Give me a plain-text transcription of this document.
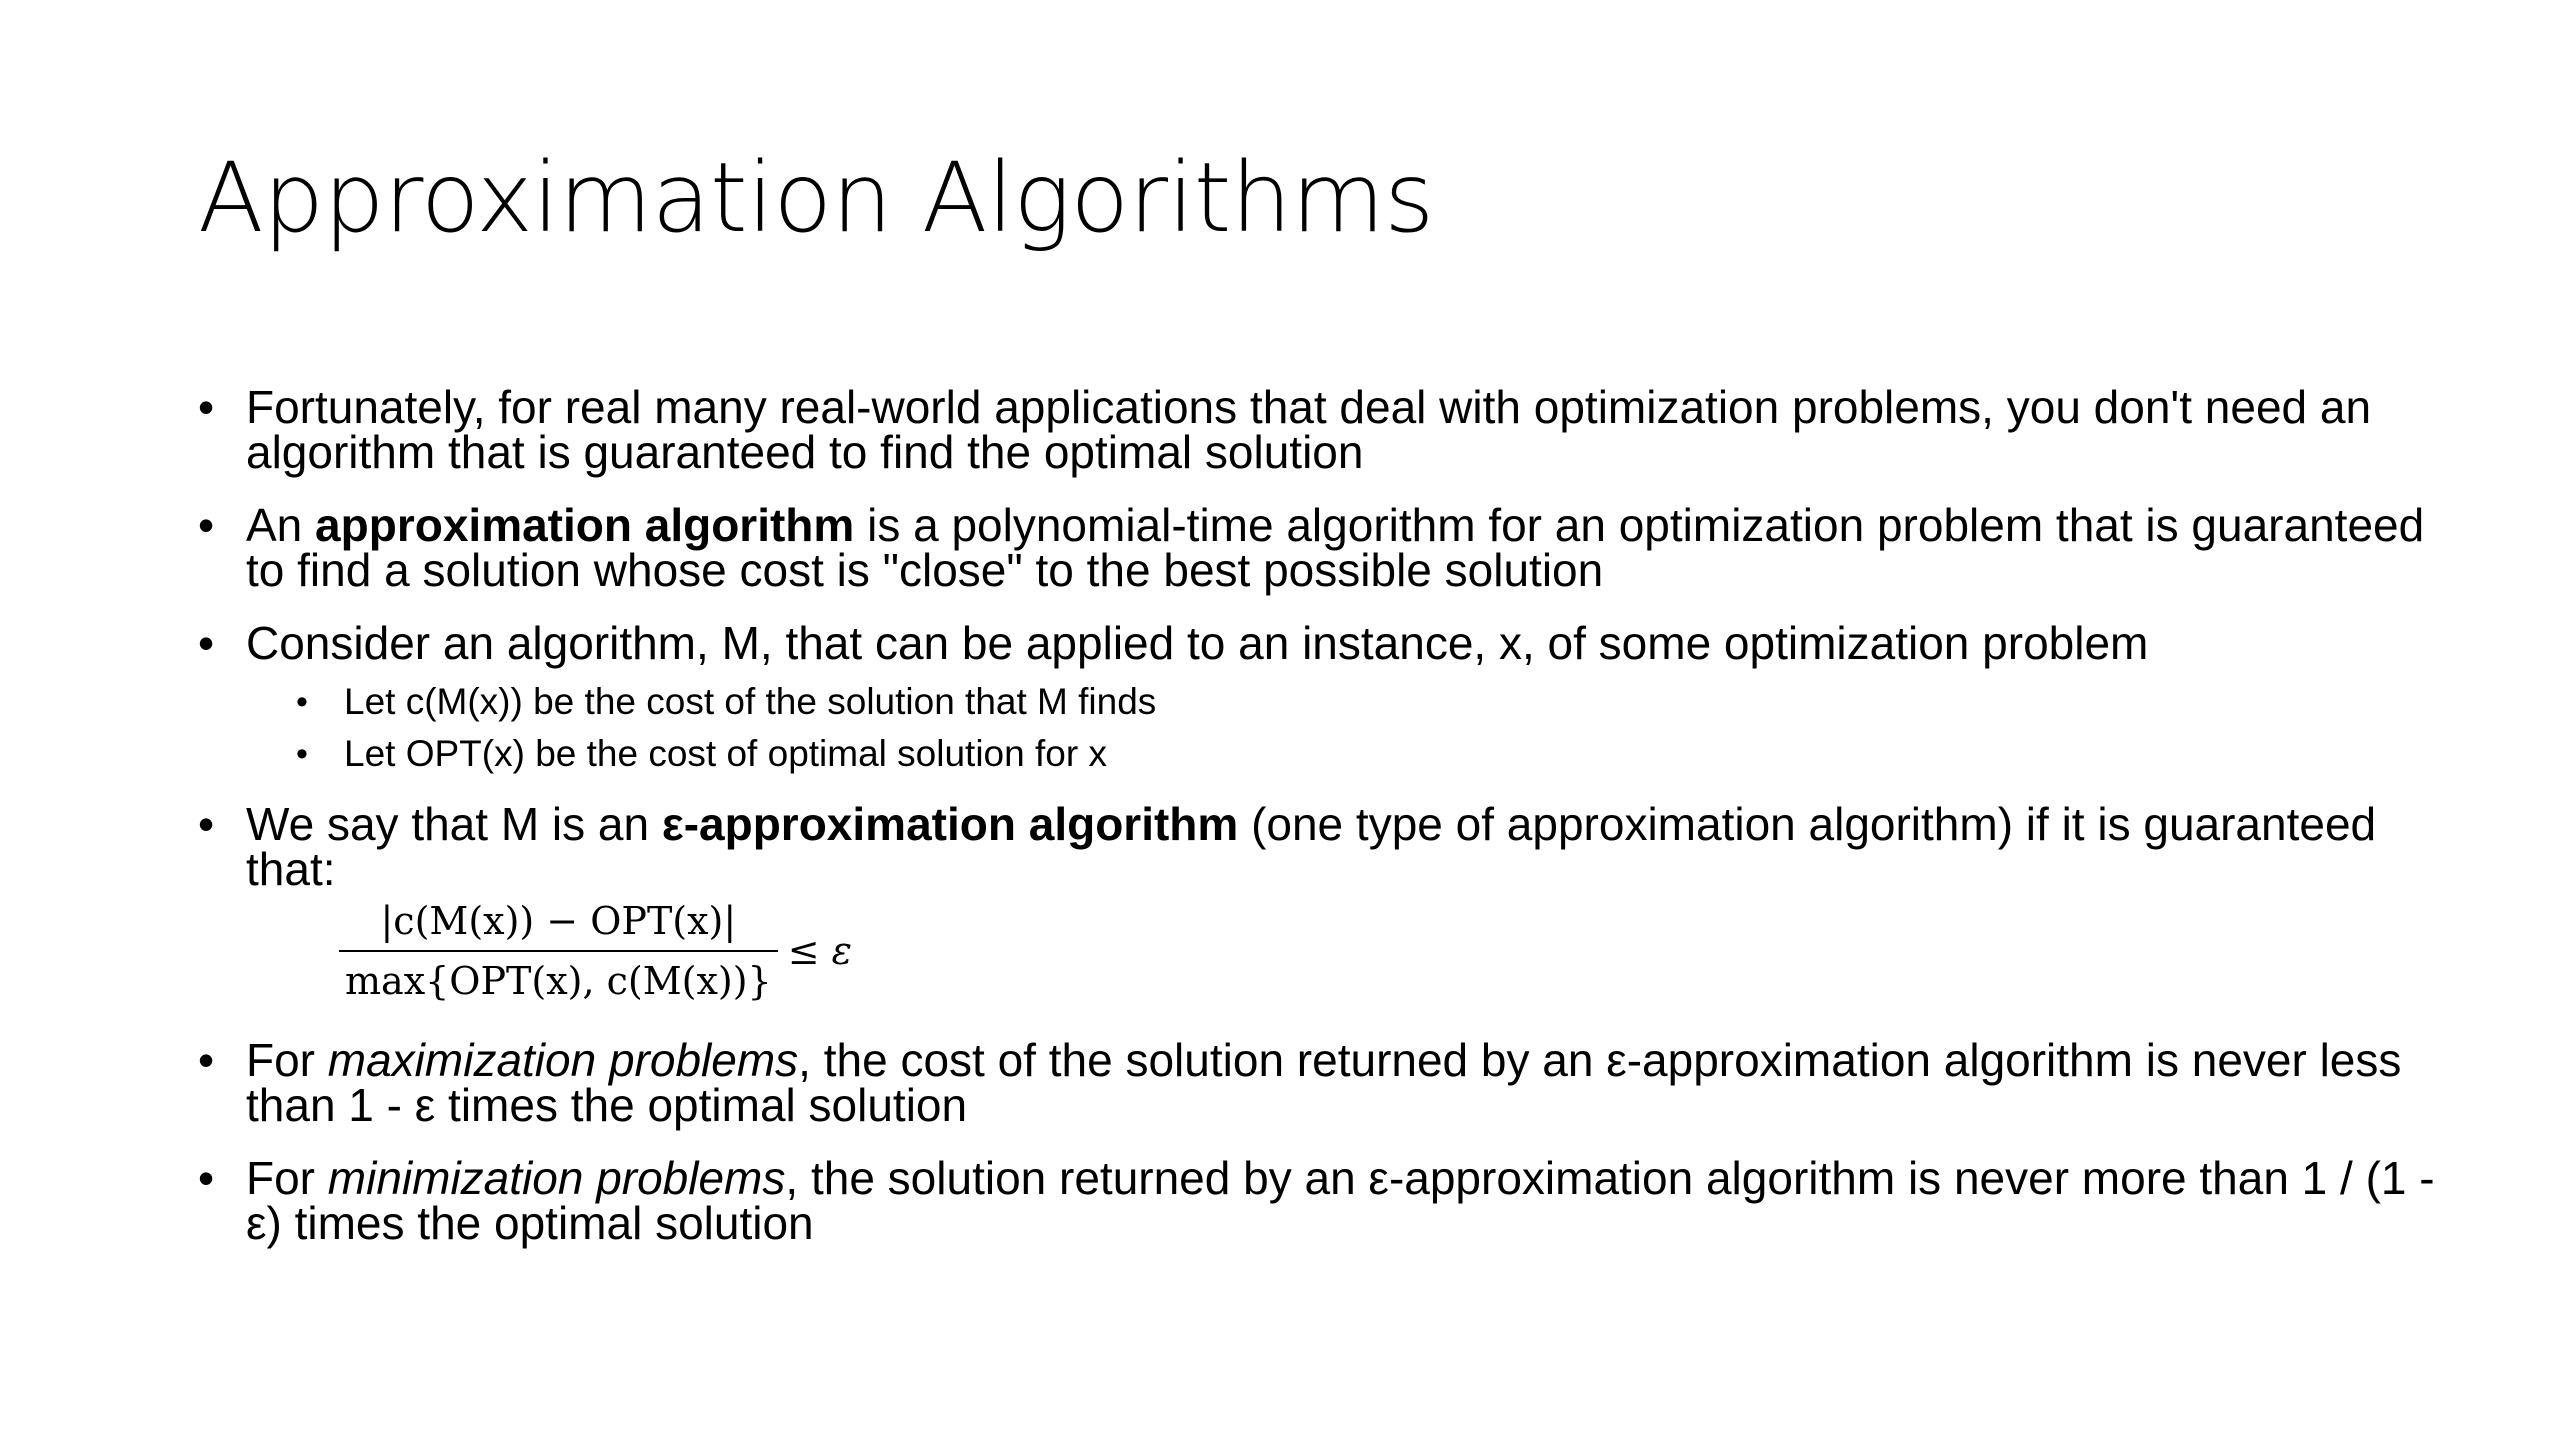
Approximation Algorithms
• Fortunately, for real many real-world applications that deal with optimization problems, you don't need an algorithm that is guaranteed to find the optimal solution
• An approximation algorithm is a polynomial-time algorithm for an optimization problem that is guaranteed to find a solution whose cost is "close" to the best possible solution
• Consider an algorithm, M, that can be applied to an instance, x, of some optimization problem
• Let c(M(x)) be the cost of the solution that M finds
• Let OPT(x) be the cost of optimal solution for x
• We say that M is an ε-approximation algorithm (one type of approximation algorithm) if it is guaranteed that:
$\frac{\text{|c(M(x)) − OPT(x)|}}{\text{max\{OPT(x), c(M(x))\}}} \le \varepsilon$
• For maximization problems, the cost of the solution returned by an ε-approximation algorithm is never less than 1 - ε times the optimal solution
• For minimization problems, the solution returned by an ε-approximation algorithm is never more than 1 / (1 - ε) times the optimal solution
